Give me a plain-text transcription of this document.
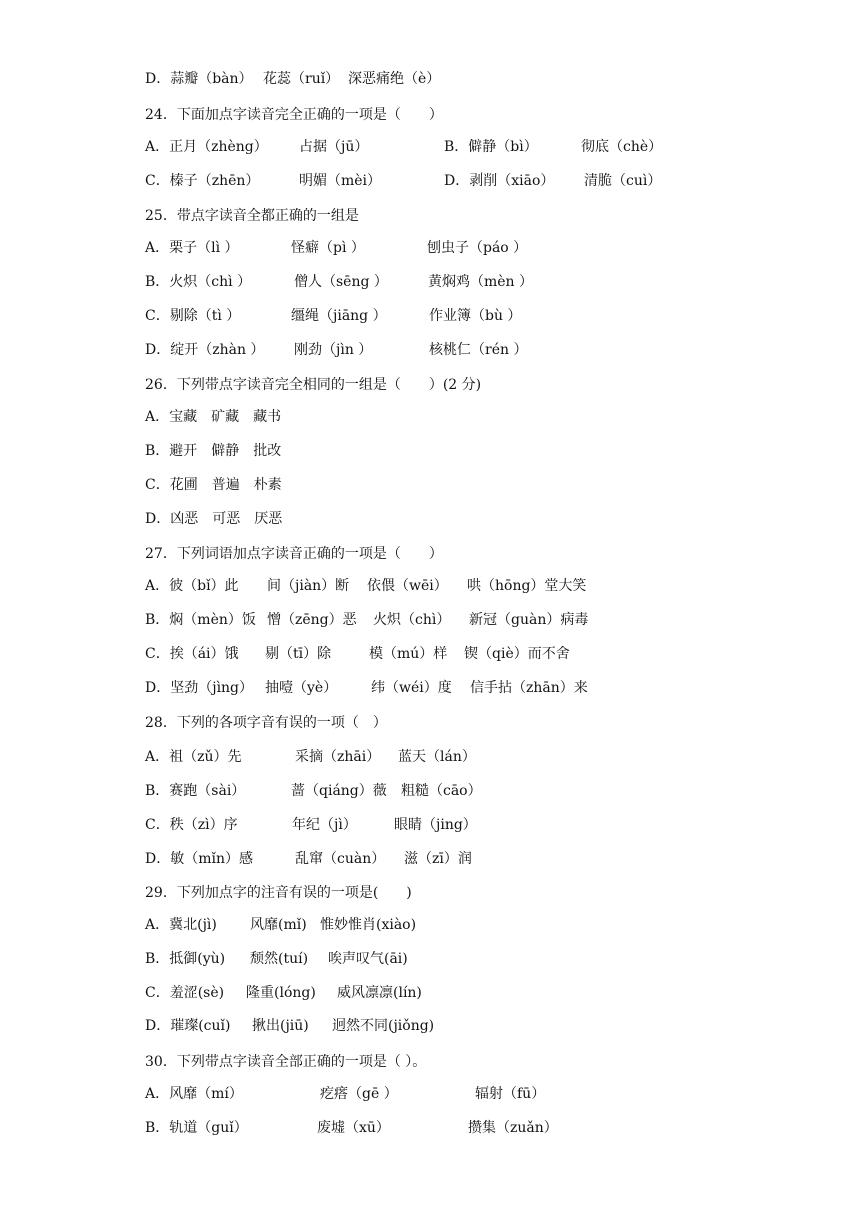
D．蒜瓣（bàn） 花蕊（ruǐ） 深恶痛绝（è）
24．下面加点字读音完全正确的一项是（　　）
A．正月（zhèng） 占据（jū）	B．僻静（bì）	彻底（chè）
C．榛子（zhēn）	明媚（mèi）	D．剥削（xiāo） 清脆（cuì）
25．带点字读音全都正确的一组是
A．栗子（lì ）	怪癖（pì ）	刨虫子（páo ）
B．火炽（chì ）	僧人（sēng ）	黄焖鸡（mèn ）
C．剔除（tì ）	缰绳（jiāng ）	作业簿（bù ）
D．绽开（zhàn ） 刚劲（jìn ）	核桃仁（rén ）
26．下列带点字读音完全相同的一组是（　　）(2 分)
A．宝藏　矿藏　藏书
B．避开　僻静　批改
C．花圃　普遍　朴素
D．凶恶　可恶　厌恶
27．下列词语加点字读音正确的一项是（　　）
A．彼（bǐ）此 间（jiàn）断 依偎（wēi） 哄（hōng）堂大笑
B．焖（mèn）饭 憎（zēng）恶 火炽（chì） 新冠（guàn）病毒
C．挨（ái）饿 剔（tī）除	模（mú）样 锲（qiè）而不舍
D．坚劲（jìng） 抽噎（yè） 纬（wéi）度 信手拈（zhān）来
28．下列的各项字音有误的一项（　）
A．祖（zǔ）先	采摘（zhāi） 蓝天（lán）
B．赛跑（sài）	蔷（qiáng）薇 粗糙（cāo）
C．秩（zì）序	年纪（jì）	眼睛（jing）
D．敏（mǐn）感	乱窜（cuàn） 滋（zī）润
29．下列加点字的注音有误的一项是(　　)
A．冀北(jì) 风靡(mǐ) 惟妙惟肖(xiào)
B．抵御(yù) 颓然(tuí) 唉声叹气(āi)
C．羞涩(sè) 隆重(lóng) 威风凛凛(lín)
D．璀璨(cuǐ) 揪出(jiū) 迥然不同(jiǒng)
30．下列带点字读音全部正确的一项是（ ）。
A．风靡（mí）	疙瘩（gē ）	辐射（fū）
B．轨道（guǐ）	废墟（xū）	攒集（zuǎn）
